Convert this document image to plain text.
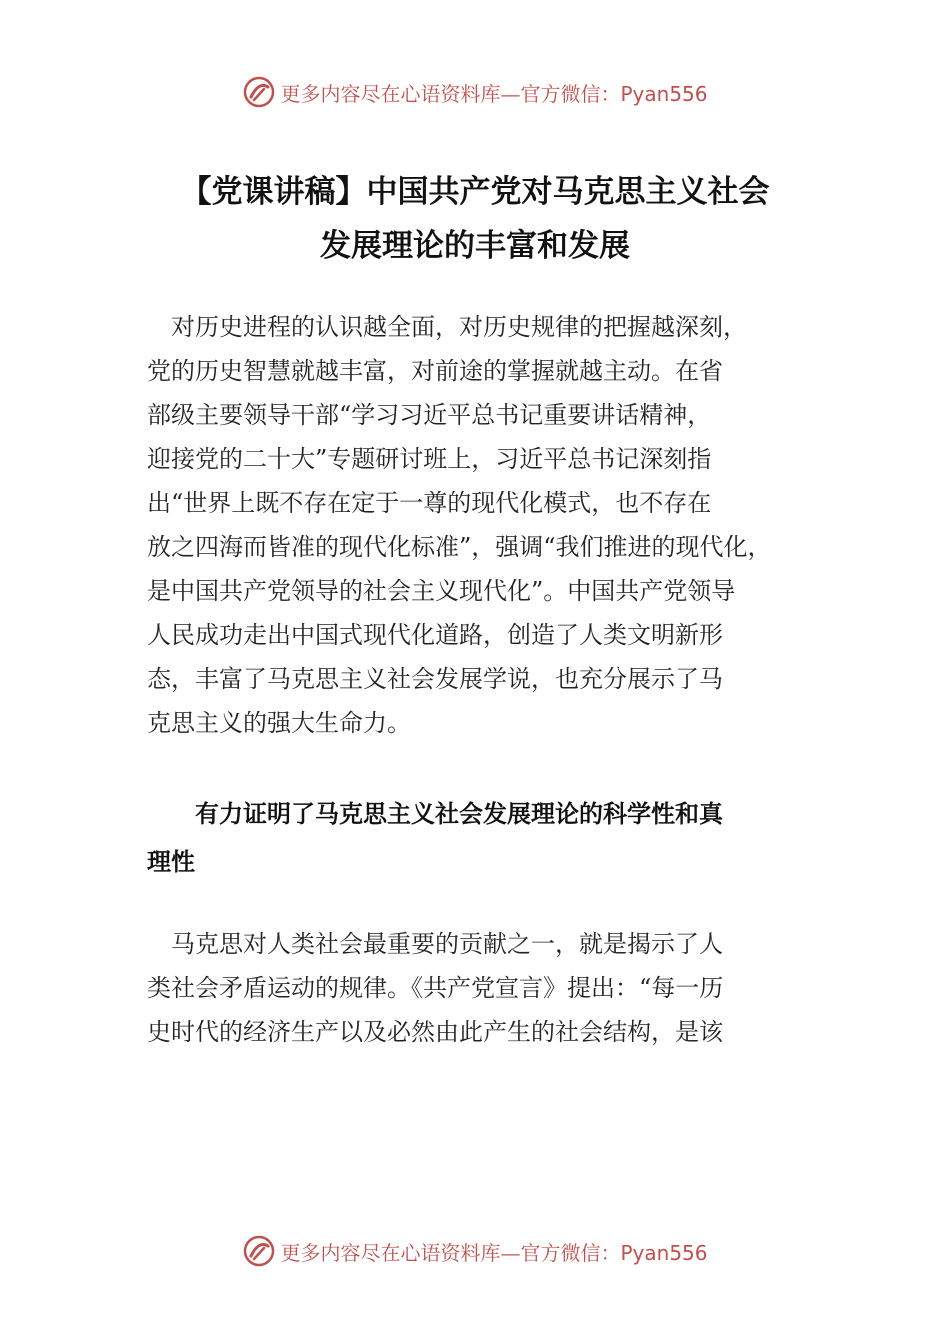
更多内容尽在心语资料库—官方微信：Pyan556
【党课讲稿】中国共产党对马克思主义社会
发展理论的丰富和发展

　对历史进程的认识越全面，对历史规律的把握越深刻，
党的历史智慧就越丰富，对前途的掌握就越主动。在省
部级主要领导干部“学习习近平总书记重要讲话精神，
迎接党的二十大”专题研讨班上，习近平总书记深刻指
出“世界上既不存在定于一尊的现代化模式，也不存在
放之四海而皆准的现代化标准”，强调“我们推进的现代化，
是中国共产党领导的社会主义现代化”。中国共产党领导
人民成功走出中国式现代化道路，创造了人类文明新形
态，丰富了马克思主义社会发展学说，也充分展示了马
克思主义的强大生命力。

　　有力证明了马克思主义社会发展理论的科学性和真
理性

　马克思对人类社会最重要的贡献之一，就是揭示了人
类社会矛盾运动的规律。《共产党宣言》提出：“每一历
史时代的经济生产以及必然由此产生的社会结构，是该

更多内容尽在心语资料库—官方微信：Pyan556
